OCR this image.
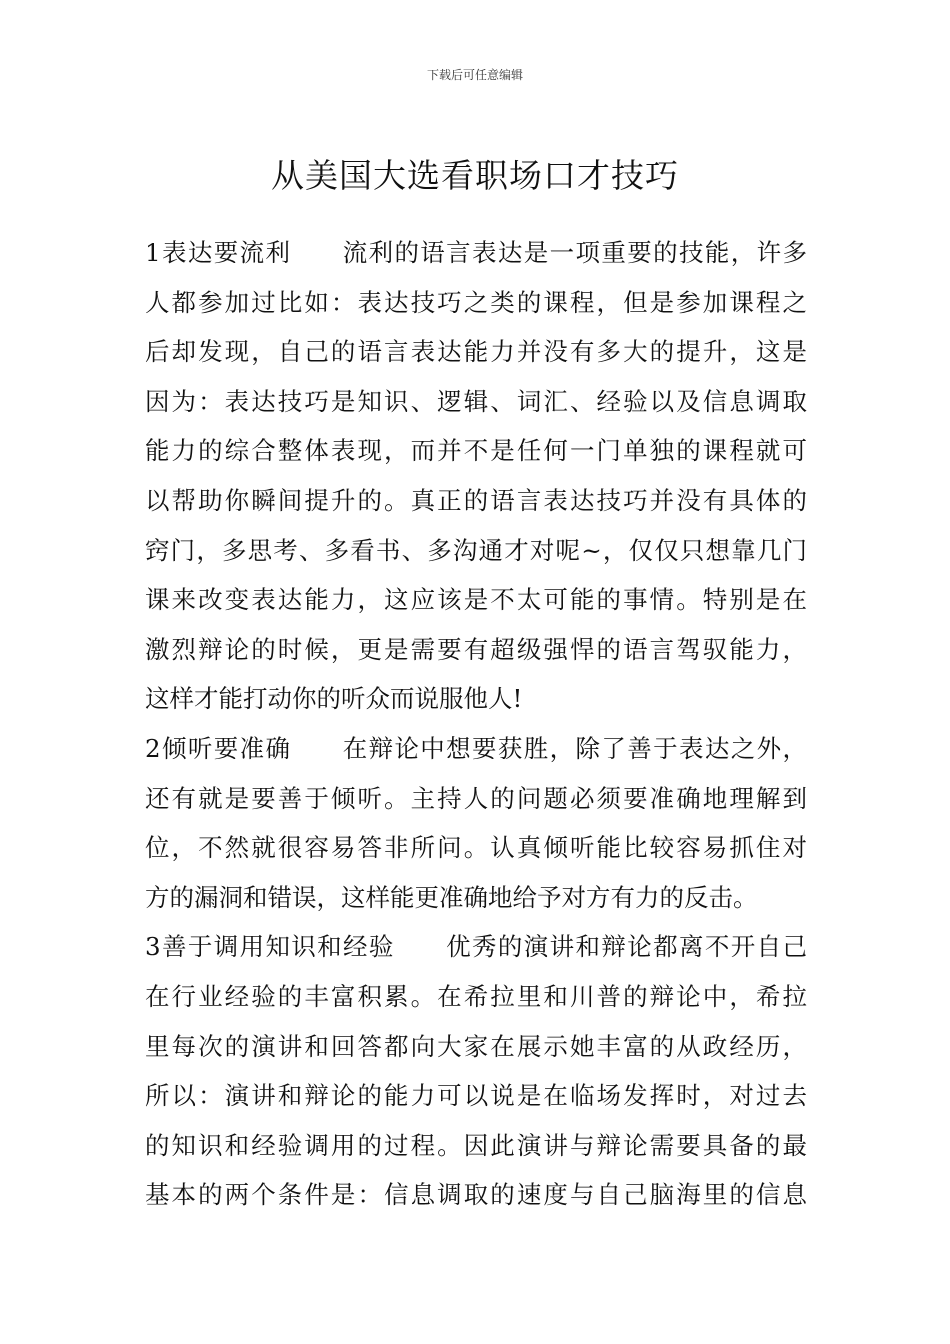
下载后可任意编辑
从美国大选看职场口才技巧
1表达要流利 流利的语言表达是一项重要的技能，许多
人都参加过比如：表达技巧之类的课程，但是参加课程之
后却发现，自己的语言表达能力并没有多大的提升，这是
因为：表达技巧是知识、逻辑、词汇、经验以及信息调取
能力的综合整体表现，而并不是任何一门单独的课程就可
以帮助你瞬间提升的。真正的语言表达技巧并没有具体的
窍门，多思考、多看书、多沟通才对呢~，仅仅只想靠几门
课来改变表达能力，这应该是不太可能的事情。特别是在
激烈辩论的时候，更是需要有超级强悍的语言驾驭能力，
这样才能打动你的听众而说服他人!
2倾听要准确 在辩论中想要获胜，除了善于表达之外，
还有就是要善于倾听。主持人的问题必须要准确地理解到
位，不然就很容易答非所问。认真倾听能比较容易抓住对
方的漏洞和错误，这样能更准确地给予对方有力的反击。
3善于调用知识和经验 优秀的演讲和辩论都离不开自己
在行业经验的丰富积累。在希拉里和川普的辩论中，希拉
里每次的演讲和回答都向大家在展示她丰富的从政经历，
所以：演讲和辩论的能力可以说是在临场发挥时，对过去
的知识和经验调用的过程。因此演讲与辩论需要具备的最
基本的两个条件是：信息调取的速度与自己脑海里的信息
